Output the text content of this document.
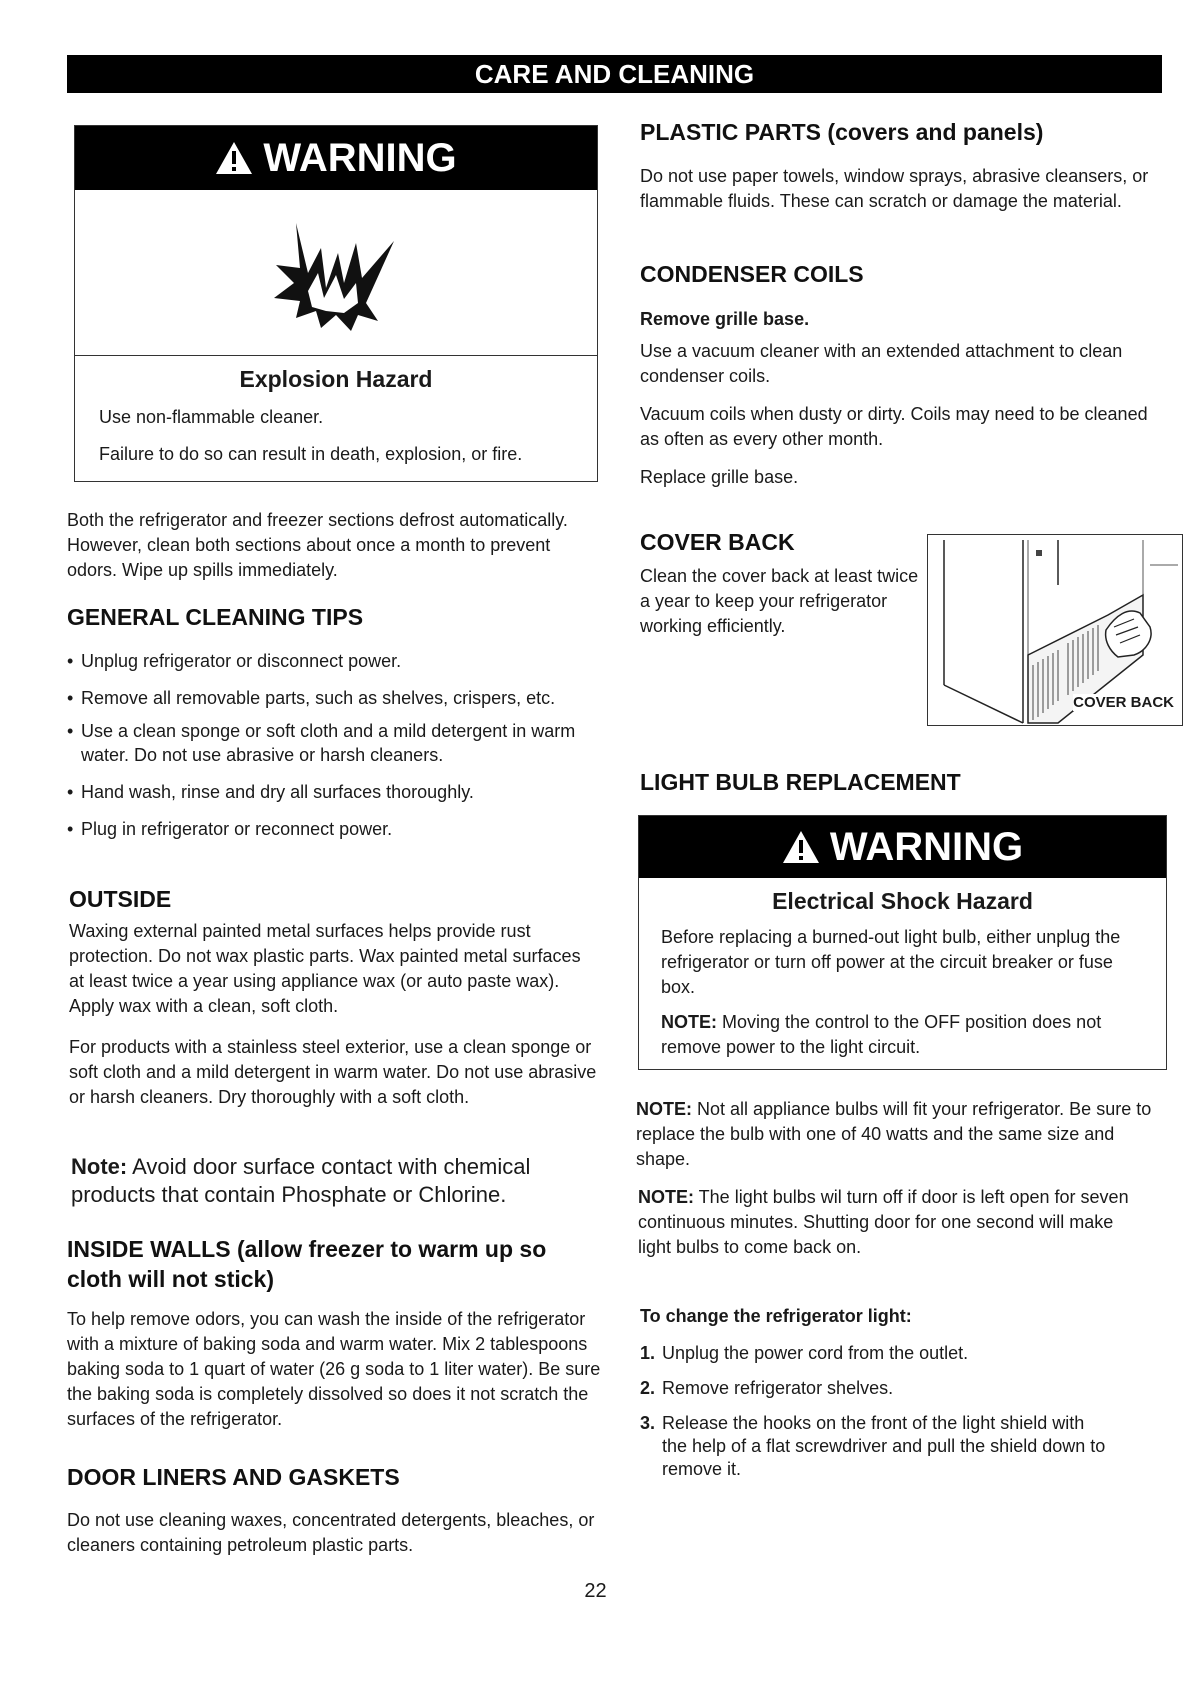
CARE AND CLEANING
WARNING
Explosion Hazard

Use non-flammable cleaner.

Failure to do so can result in death, explosion, or fire.

Both the refrigerator and freezer sections defrost automatically. However, clean both sections about once a month to prevent odors. Wipe up spills immediately.

GENERAL CLEANING TIPS
• Unplug refrigerator or disconnect power.
• Remove all removable parts, such as shelves, crispers, etc.
• Use a clean sponge or soft cloth and a mild detergent in warm water. Do not use abrasive or harsh cleaners.
• Hand wash, rinse and dry all surfaces thoroughly.
• Plug in refrigerator or reconnect power.
OUTSIDE

Waxing external painted metal surfaces helps provide rust protection. Do not wax plastic parts. Wax painted metal surfaces at least twice a year using appliance wax (or auto paste wax). Apply wax with a clean, soft cloth.

For products with a stainless steel exterior, use a clean sponge or soft cloth and a mild detergent in warm water. Do not use abrasive or harsh cleaners. Dry thoroughly with a soft cloth.

Note: Avoid door surface contact with chemical products that contain Phosphate or Chlorine.

INSIDE WALLS (allow freezer to warm up so cloth will not stick)

To help remove odors, you can wash the inside of the refrigerator with a mixture of baking soda and warm water. Mix 2 tablespoons baking soda to 1 quart of water (26 g soda to 1 liter water). Be sure the baking soda is completely dissolved so does it not scratch the surfaces of the refrigerator.

DOOR LINERS AND GASKETS

Do not use cleaning waxes, concentrated detergents, bleaches, or cleaners containing petroleum plastic parts.

PLASTIC PARTS (covers and panels)

Do not use paper towels, window sprays, abrasive cleansers, or flammable fluids. These can scratch or damage the material.

CONDENSER COILS

Remove grille base.

Use a vacuum cleaner with an extended attachment to clean condenser coils.

Vacuum coils when dusty or dirty. Coils may need to be cleaned as often as every other month.

Replace grille base.

COVER BACK

Clean the cover back at least twice a year to keep your refrigerator working efficiently.

COVER BACK
LIGHT BULB REPLACEMENT
WARNING
Electrical Shock Hazard

Before replacing a burned-out light bulb, either unplug the refrigerator or turn off power at the circuit breaker or fuse box.

NOTE: Moving the control to the OFF position does not remove power to the light circuit.

NOTE: Not all appliance bulbs will fit your refrigerator. Be sure to replace the bulb with one of 40 watts and the same size and shape.

NOTE: The light bulbs wil turn off if door is left open for seven continuous minutes. Shutting door for one second will make light bulbs to come back on.

To change the refrigerator light:

1. Unplug the power cord from the outlet.
2. Remove refrigerator shelves.
3. Release the hooks on the front of the light shield with the help of a flat screwdriver and pull the shield down to remove it.
22
